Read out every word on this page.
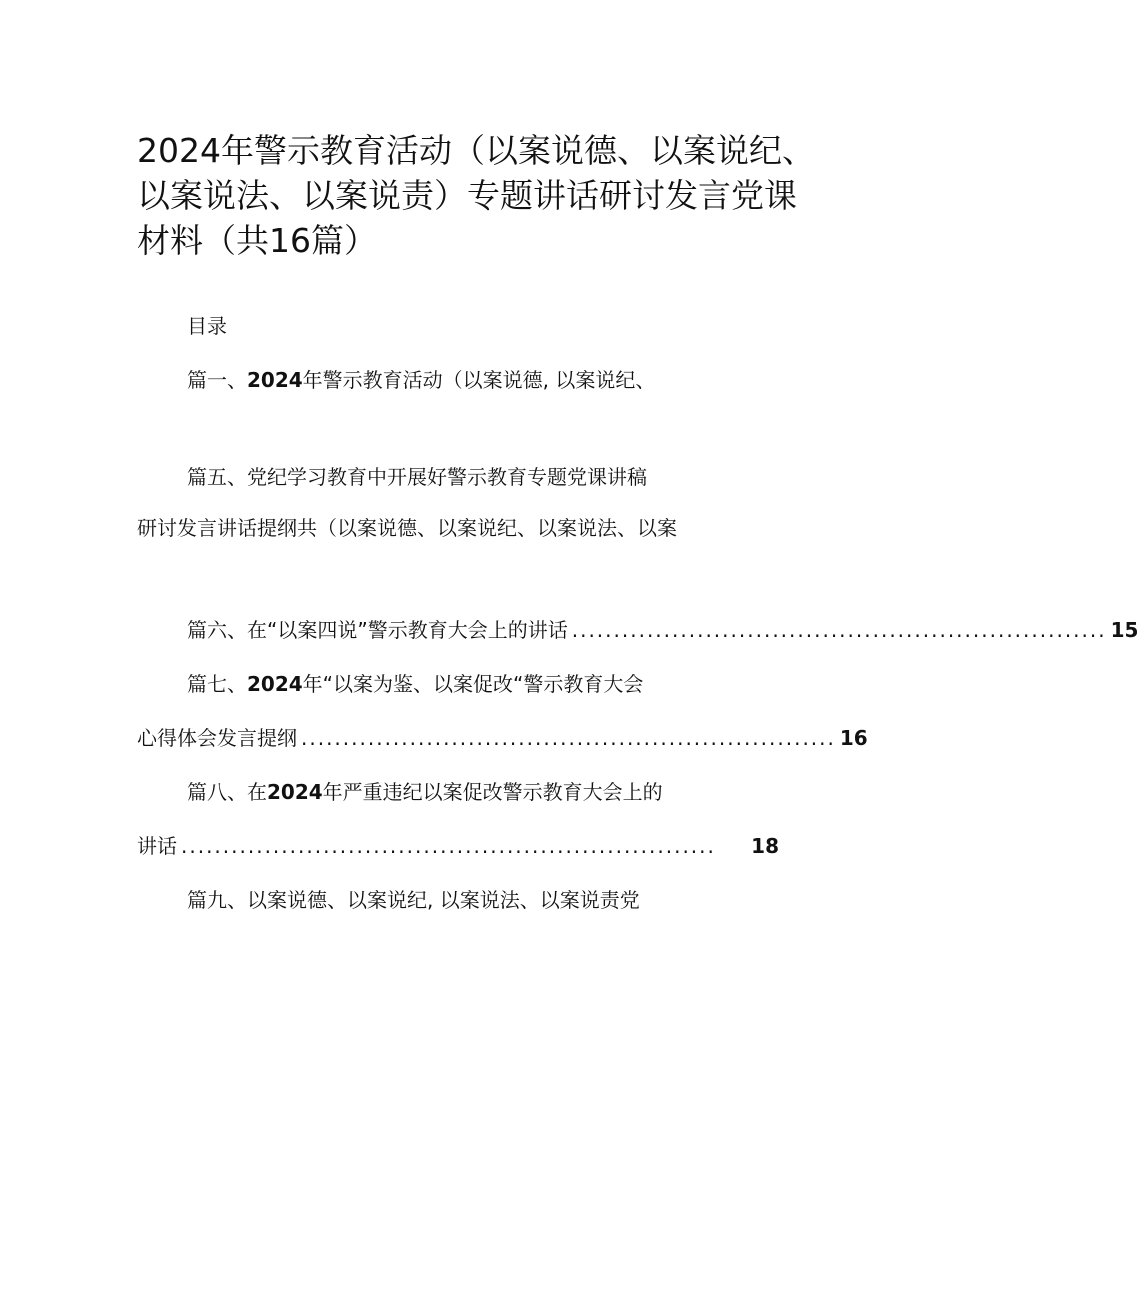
2024年警示教育活动（以案说德、以案说纪、
以案说法、以案说责）专题讲话研讨发言党课
材料（共16篇）
目录
篇一、2024年警示教育活动（以案说德, 以案说纪、
篇五、党纪学习教育中开展好警示教育专题党课讲稿
研讨发言讲话提纲共（以案说德、以案说纪、以案说法、以案
篇六、在“以案四说”警示教育大会上的讲话 ................................................................ 15
篇七、2024年“以案为鉴、以案促改“警示教育大会
心得体会发言提纲 ................................................................ 16
篇八、在2024年严重违纪以案促改警示教育大会上的
讲话 ................................................................	18
篇九、以案说德、以案说纪, 以案说法、以案说责党
